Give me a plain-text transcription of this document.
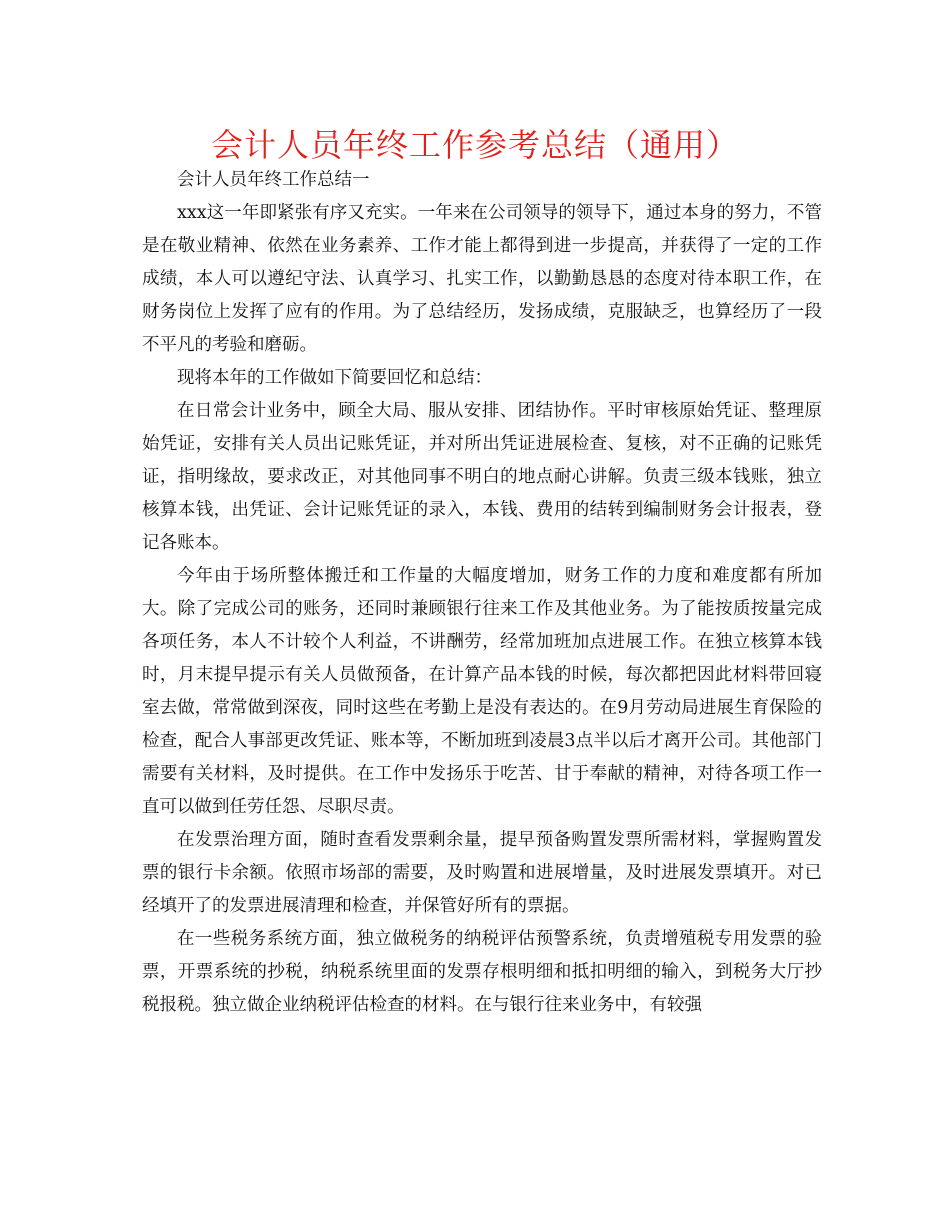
会计人员年终工作参考总结（通用）

会计人员年终工作总结一

xxx这一年即紧张有序又充实。一年来在公司领导的领导下，通过本身的努力，不管是在敬业精神、依然在业务素养、工作才能上都得到进一步提高，并获得了一定的工作成绩，本人可以遵纪守法、认真学习、扎实工作，以勤勤恳恳的态度对待本职工作，在财务岗位上发挥了应有的作用。为了总结经历，发扬成绩，克服缺乏，也算经历了一段不平凡的考验和磨砺。

现将本年的工作做如下简要回忆和总结：

在日常会计业务中，顾全大局、服从安排、团结协作。平时审核原始凭证、整理原始凭证，安排有关人员出记账凭证，并对所出凭证进展检查、复核，对不正确的记账凭证，指明缘故，要求改正，对其他同事不明白的地点耐心讲解。负责三级本钱账，独立核算本钱，出凭证、会计记账凭证的录入，本钱、费用的结转到编制财务会计报表，登记各账本。

今年由于场所整体搬迁和工作量的大幅度增加，财务工作的力度和难度都有所加大。除了完成公司的账务，还同时兼顾银行往来工作及其他业务。为了能按质按量完成各项任务，本人不计较个人利益，不讲酬劳，经常加班加点进展工作。在独立核算本钱时，月末提早提示有关人员做预备，在计算产品本钱的时候，每次都把因此材料带回寝室去做，常常做到深夜，同时这些在考勤上是没有表达的。在9月劳动局进展生育保险的检查，配合人事部更改凭证、账本等，不断加班到凌晨3点半以后才离开公司。其他部门需要有关材料，及时提供。在工作中发扬乐于吃苦、甘于奉献的精神，对待各项工作一直可以做到任劳任怨、尽职尽责。

在发票治理方面，随时查看发票剩余量，提早预备购置发票所需材料，掌握购置发票的银行卡余额。依照市场部的需要，及时购置和进展增量，及时进展发票填开。对已经填开了的发票进展清理和检查，并保管好所有的票据。

在一些税务系统方面，独立做税务的纳税评估预警系统，负责增殖税专用发票的验票，开票系统的抄税，纳税系统里面的发票存根明细和抵扣明细的输入，到税务大厅抄税报税。独立做企业纳税评估检查的材料。在与银行往来业务中，有较强
